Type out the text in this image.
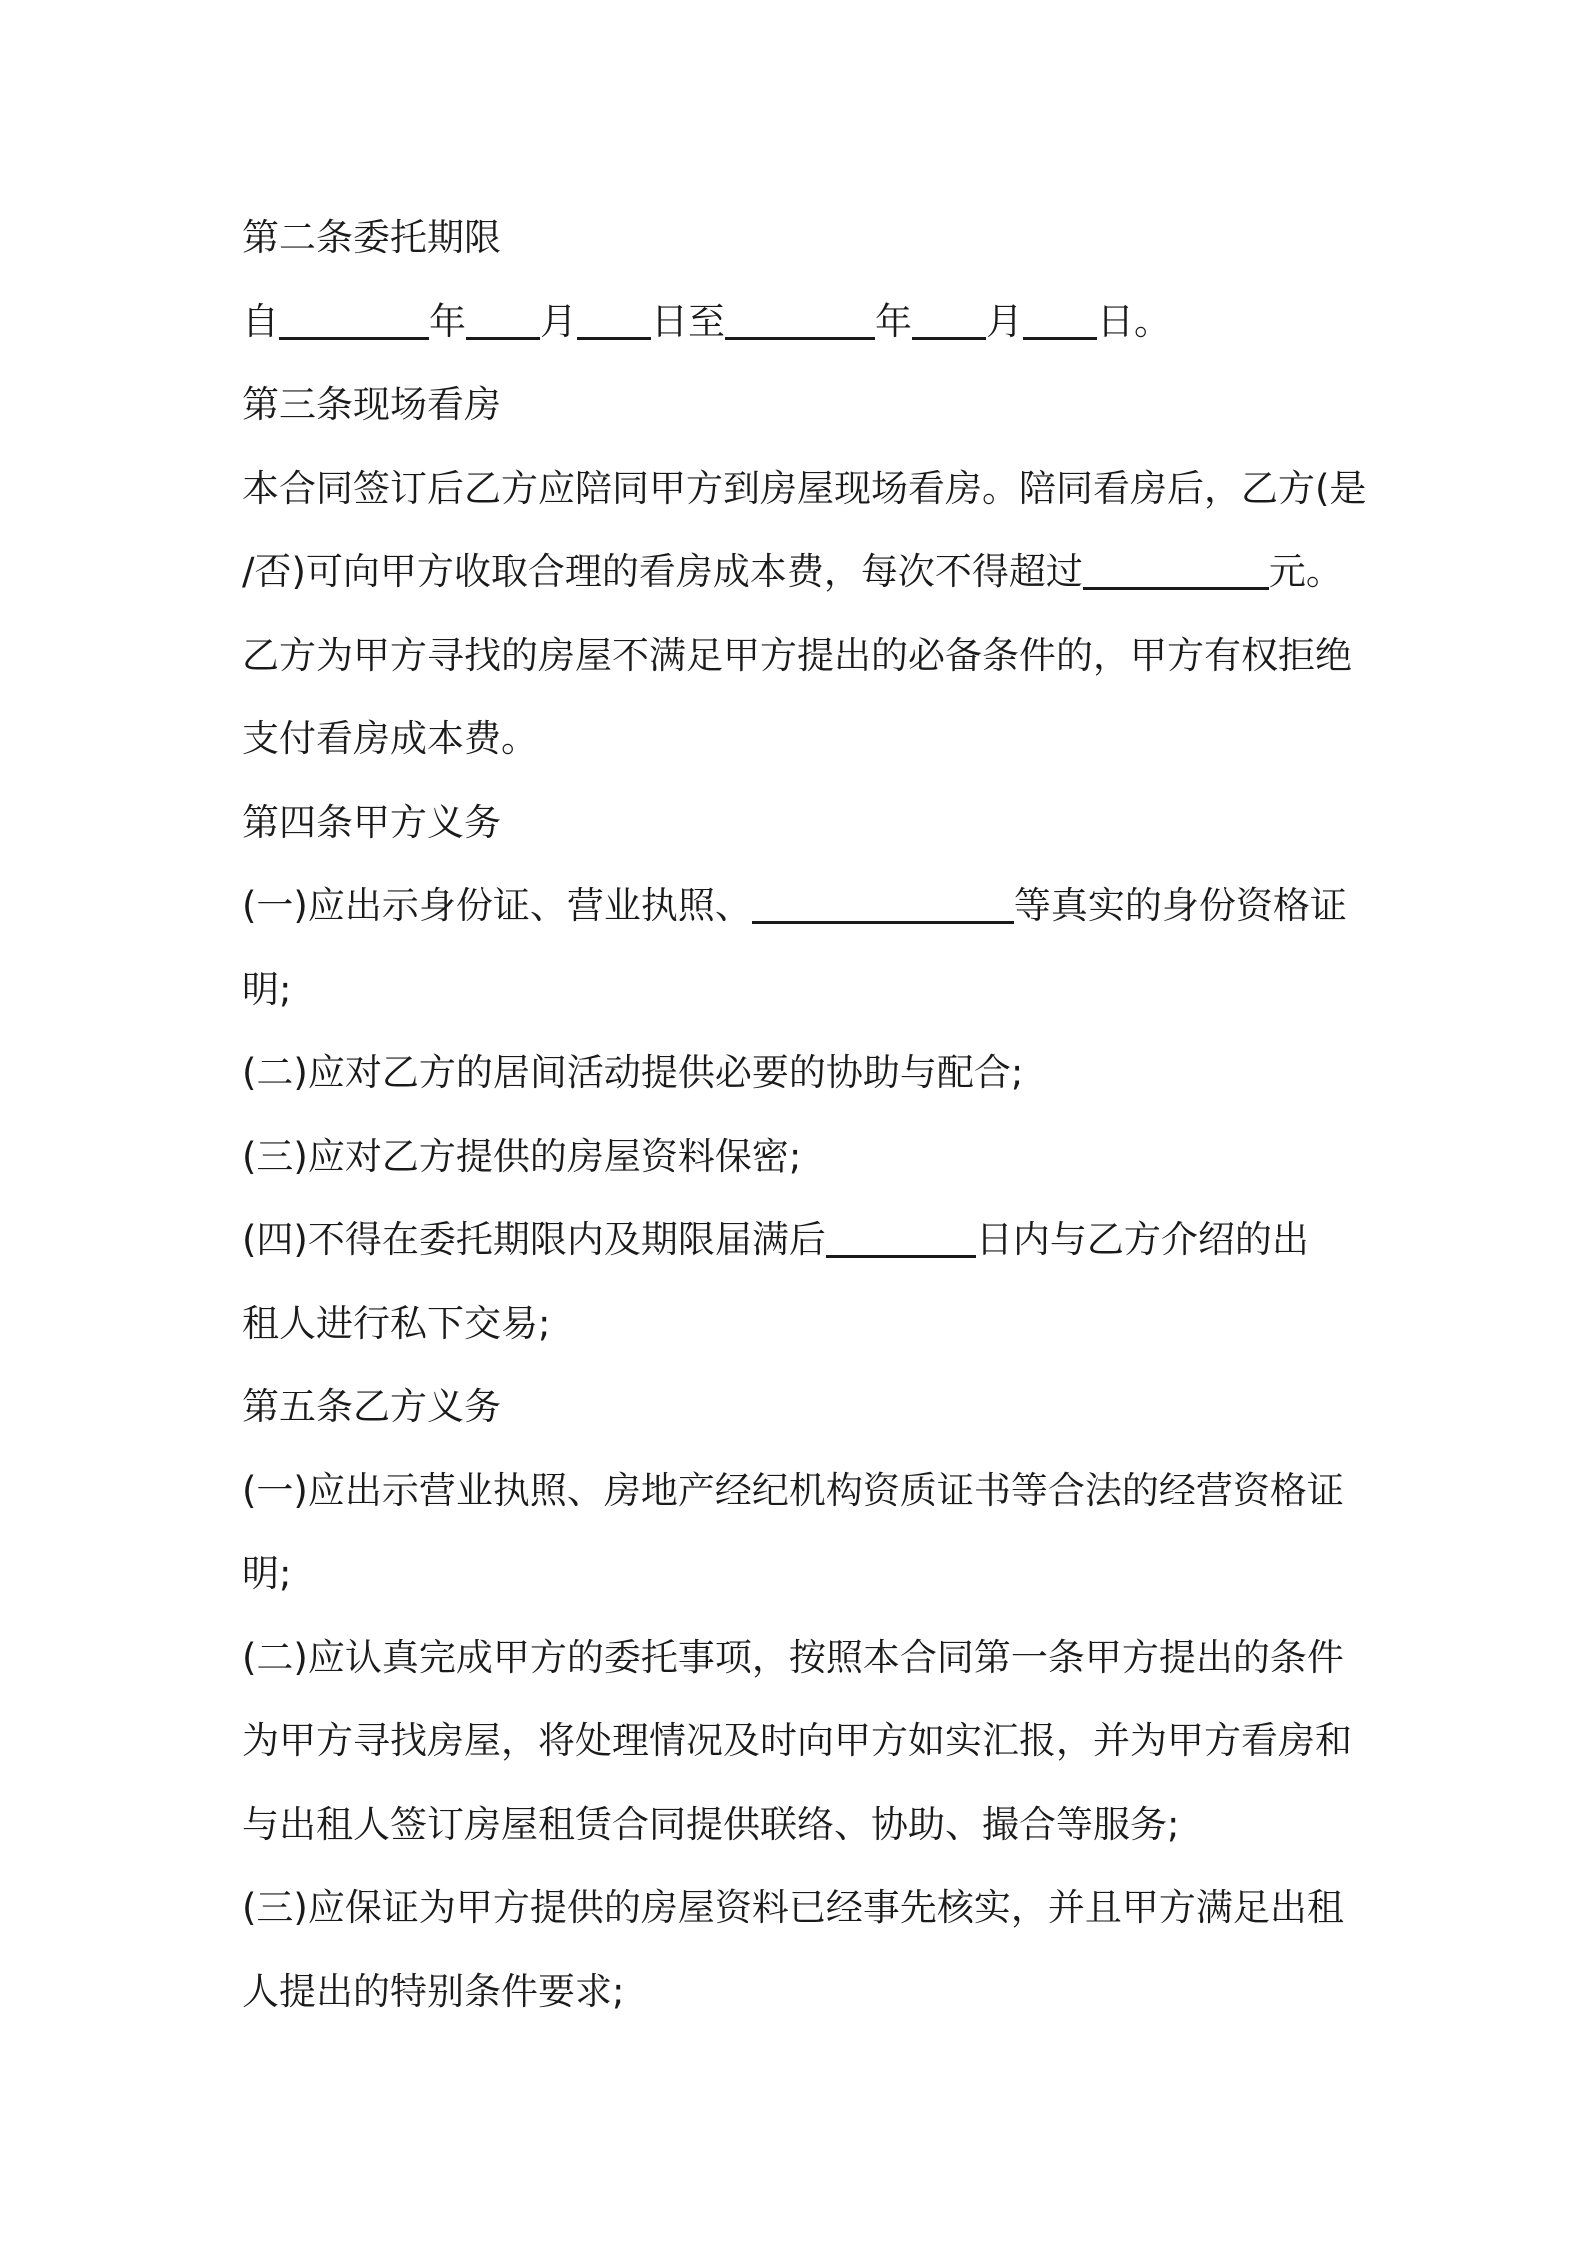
第二条委托期限
自	年 月 日至	年 月 日。
第三条现场看房
本合同签订后乙方应陪同甲方到房屋现场看房。陪同看房后，乙方(是
/否)可向甲方收取合理的看房成本费，每次不得超过	元。
乙方为甲方寻找的房屋不满足甲方提出的必备条件的，甲方有权拒绝
支付看房成本费。
第四条甲方义务
(一)应出示身份证、营业执照、	等真实的身份资格证
明;
(二)应对乙方的居间活动提供必要的协助与配合;
(三)应对乙方提供的房屋资料保密;
(四)不得在委托期限内及期限届满后	日内与乙方介绍的出
租人进行私下交易;
第五条乙方义务
(一)应出示营业执照、房地产经纪机构资质证书等合法的经营资格证
明;
(二)应认真完成甲方的委托事项，按照本合同第一条甲方提出的条件
为甲方寻找房屋，将处理情况及时向甲方如实汇报，并为甲方看房和
与出租人签订房屋租赁合同提供联络、协助、撮合等服务;
(三)应保证为甲方提供的房屋资料已经事先核实，并且甲方满足出租
人提出的特别条件要求;
